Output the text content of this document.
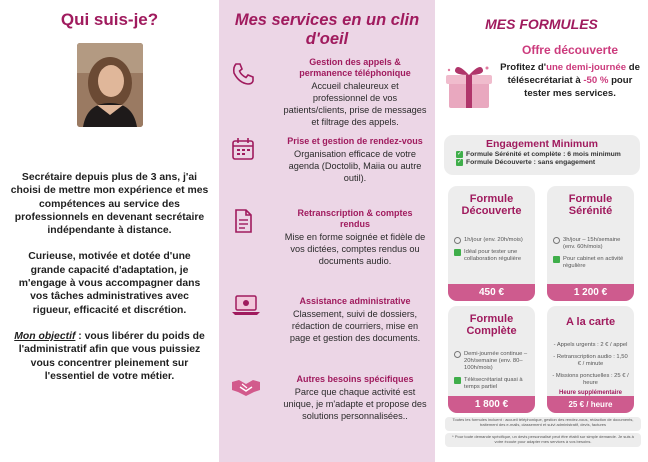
Qui suis-je?
Secrétaire depuis plus de 3 ans, j'ai choisi de mettre mon expérience et mes compétences au service des professionnels en devenant secrétaire indépendante à distance.
Curieuse, motivée et dotée d'une grande capacité d'adaptation, je m'engage à vous accompagner dans vos tâches administratives avec rigueur, efficacité et discrétion.
Mon objectif : vous libérer du poids de l'administratif afin que vous puissiez vous concentrer pleinement sur l'essentiel de votre métier.
Mes services en un clin d'oeil
Gestion des appels & permanence téléphonique
Accueil chaleureux et professionnel de vos patients/clients, prise de messages et filtrage des appels.
Prise et gestion de rendez-vous
Organisation efficace de votre agenda (Doctolib, Maiia ou autre outil).
Retranscription & comptes rendus
Mise en forme soignée et fidèle de vos dictées, comptes rendus ou documents audio.
Assistance administrative
Classement, suivi de dossiers, rédaction de courriers, mise en page et gestion des documents.
Autres besoins spécifiques
Parce que chaque activité est unique, je m'adapte et propose des solutions personnalisées..
MES FORMULES
Offre découverte
Profitez d'une demi-journée de télésecrétariat à -50 % pour tester mes services.
Engagement Minimum
✓ Formule Sérénité et complète : 6 mois minimum
✓ Formule Découverte : sans engagement
Formule Découverte
1h/jour (env. 20h/mois)
Idéal pour tester une collaboration régulière
450 €
Formule Sérénité
3h/jour – 15h/semaine (env. 60h/mois)
Pour cabinet en activité régulière
1 200 €
Formule Complète
Demi-journée continue – 20h/semaine (env. 80–100h/mois)
Télésecrétariat quasi à temps partiel
1 800 €
A la carte
- Appels urgents : 2 € / appel
- Retranscription audio : 1,50 € / minute
- Missions ponctuelles : 25 € / heure
Heure supplémentaire
25 € / heure
Toutes les formules incluent : accueil téléphonique, gestion des rendez-vous, rédaction de documents, traitement des e-mails, classement et suivi administratif, devis, factures
* Pour toute demande spécifique, un devis personnalisé peut être établi sur simple demande. Je suis à votre écoute pour adapter mes services à vos besoins.
